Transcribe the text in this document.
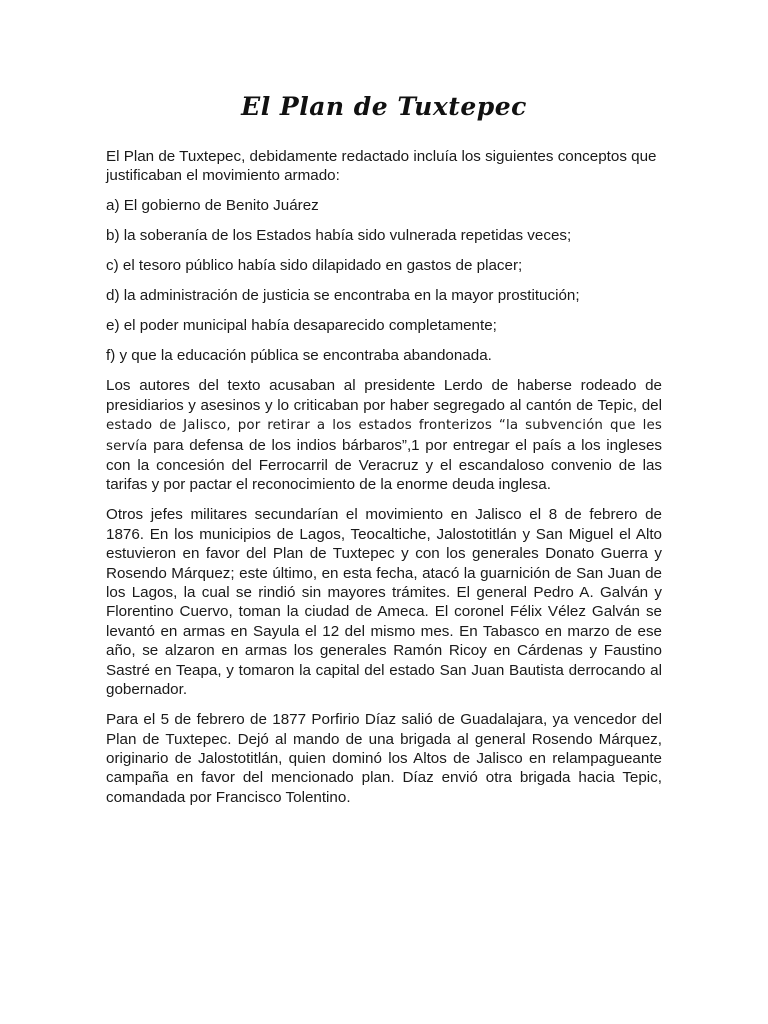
El Plan de Tuxtepec

El Plan de Tuxtepec, debidamente redactado incluía los siguientes conceptos que justificaban el movimiento armado:

a) El gobierno de Benito Juárez
b) la soberanía de los Estados había sido vulnerada repetidas veces;
c) el tesoro público había sido dilapidado en gastos de placer;
d) la administración de justicia se encontraba en la mayor prostitución;
e) el poder municipal había desaparecido completamente;
f) y que la educación pública se encontraba abandonada.

Los autores del texto acusaban al presidente Lerdo de haberse rodeado de presidiarios y asesinos y lo criticaban por haber segregado al cantón de Tepic, del estado de Jalisco, por retirar a los estados fronterizos “la subvención que les servía para defensa de los indios bárbaros”,1 por entregar el país a los ingleses con la concesión del Ferrocarril de Veracruz y el escandaloso convenio de las tarifas y por pactar el reconocimiento de la enorme deuda inglesa.

Otros jefes militares secundarían el movimiento en Jalisco el 8 de febrero de 1876. En los municipios de Lagos, Teocaltiche, Jalostotitlán y San Miguel el Alto estuvieron en favor del Plan de Tuxtepec y con los generales Donato Guerra y Rosendo Márquez; este último, en esta fecha, atacó la guarnición de San Juan de los Lagos, la cual se rindió sin mayores trámites. El general Pedro A. Galván y Florentino Cuervo, toman la ciudad de Ameca. El coronel Félix Vélez Galván se levantó en armas en Sayula el 12 del mismo mes. En Tabasco en marzo de ese año, se alzaron en armas los generales Ramón Ricoy en Cárdenas y Faustino Sastré en Teapa, y tomaron la capital del estado San Juan Bautista derrocando al gobernador.

Para el 5 de febrero de 1877 Porfirio Díaz salió de Guadalajara, ya vencedor del Plan de Tuxtepec. Dejó al mando de una brigada al general Rosendo Márquez, originario de Jalostotitlán, quien dominó los Altos de Jalisco en relampagueante campaña en favor del mencionado plan. Díaz envió otra brigada hacia Tepic, comandada por Francisco Tolentino.
